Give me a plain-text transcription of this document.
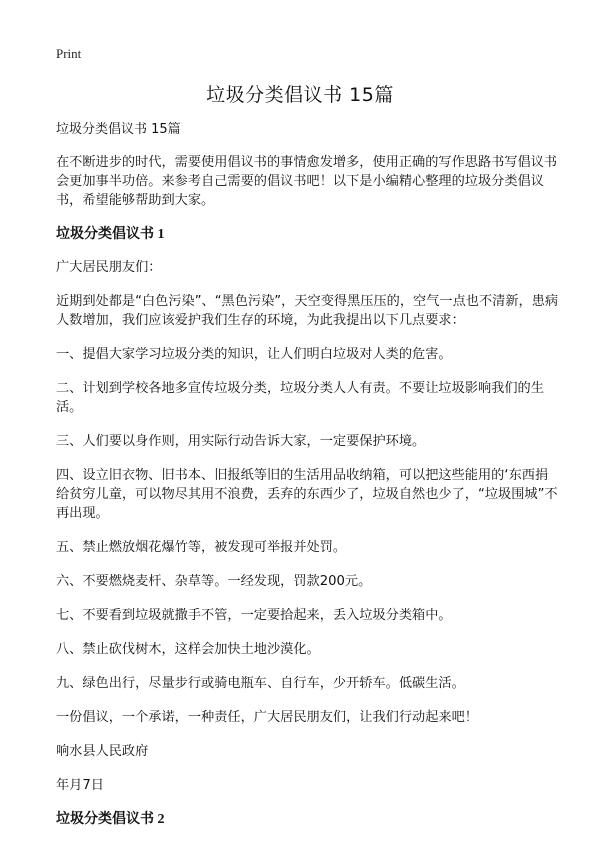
Print
垃圾分类倡议书 15篇

垃圾分类倡议书 15篇

在不断进步的时代，需要使用倡议书的事情愈发增多，使用正确的写作思路书写倡议书会更加事半功倍。来参考自己需要的倡议书吧！以下是小编精心整理的垃圾分类倡议书，希望能够帮助到大家。

垃圾分类倡议书 1

广大居民朋友们：

近期到处都是“白色污染”、“黑色污染”，天空变得黑压压的，空气一点也不清新，患病人数增加，我们应该爱护我们生存的环境，为此我提出以下几点要求：

一、提倡大家学习垃圾分类的知识，让人们明白垃圾对人类的危害。

二、计划到学校各地多宣传垃圾分类，垃圾分类人人有责。不要让垃圾影响我们的生活。

三、人们要以身作则，用实际行动告诉大家，一定要保护环境。

四、设立旧衣物、旧书本、旧报纸等旧的生活用品收纳箱，可以把这些能用的‘东西捐给贫穷儿童，可以物尽其用不浪费，丢弃的东西少了，垃圾自然也少了，“垃圾围城”不再出现。

五、禁止燃放烟花爆竹等，被发现可举报并处罚。

六、不要燃烧麦杆、杂草等。一经发现，罚款200元。

七、不要看到垃圾就撒手不管，一定要拾起来，丢入垃圾分类箱中。

八、禁止砍伐树木，这样会加快土地沙漠化。

九、绿色出行，尽量步行或骑电瓶车、自行车，少开轿车。低碳生活。

一份倡议，一个承诺，一种责任，广大居民朋友们，让我们行动起来吧！

响水县人民政府

年月7日

垃圾分类倡议书 2
